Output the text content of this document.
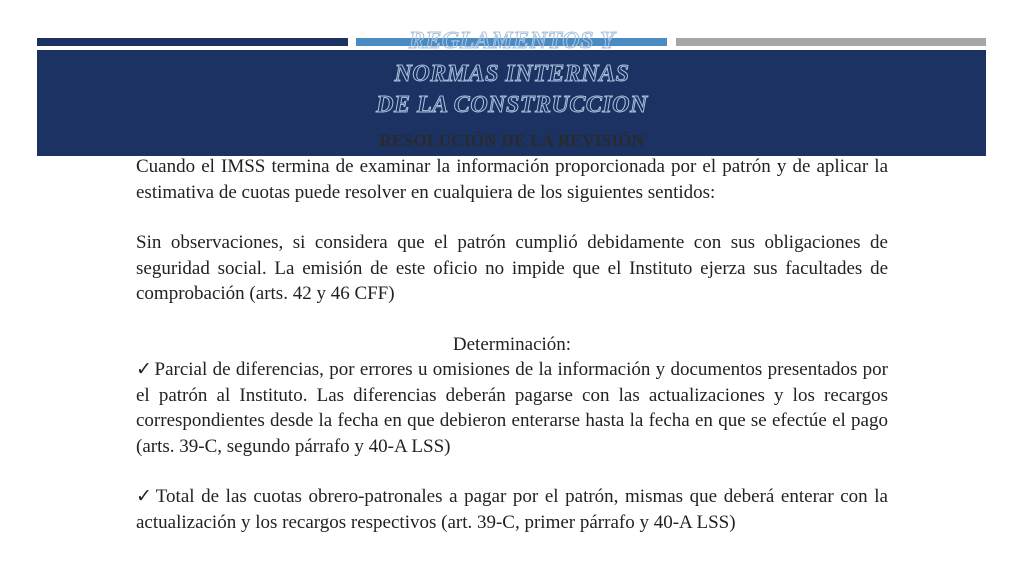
REGLAMENTOS Y
NORMAS INTERNAS
DE LA CONSTRUCCION
RESOLUCIÓN DE LA REVISIÓN

Cuando el IMSS termina de examinar la información proporcionada por el patrón y de aplicar la estimativa de cuotas puede resolver en cualquiera de los siguientes sentidos:

Sin observaciones, si considera que el patrón cumplió debidamente con sus obligaciones de seguridad social. La emisión de este oficio no impide que el Instituto ejerza sus facultades de comprobación (arts. 42 y 46 CFF)

Determinación:

✓ Parcial de diferencias, por errores u omisiones de la información y documentos presentados por el patrón al Instituto. Las diferencias deberán pagarse con las actualizaciones y los recargos correspondientes desde la fecha en que debieron enterarse hasta la fecha en que se efectúe el pago (arts. 39-C, segundo párrafo y 40-A LSS)

✓ Total de las cuotas obrero-patronales a pagar por el patrón, mismas que deberá enterar con la actualización y los recargos respectivos (art. 39-C, primer párrafo y 40-A LSS)
